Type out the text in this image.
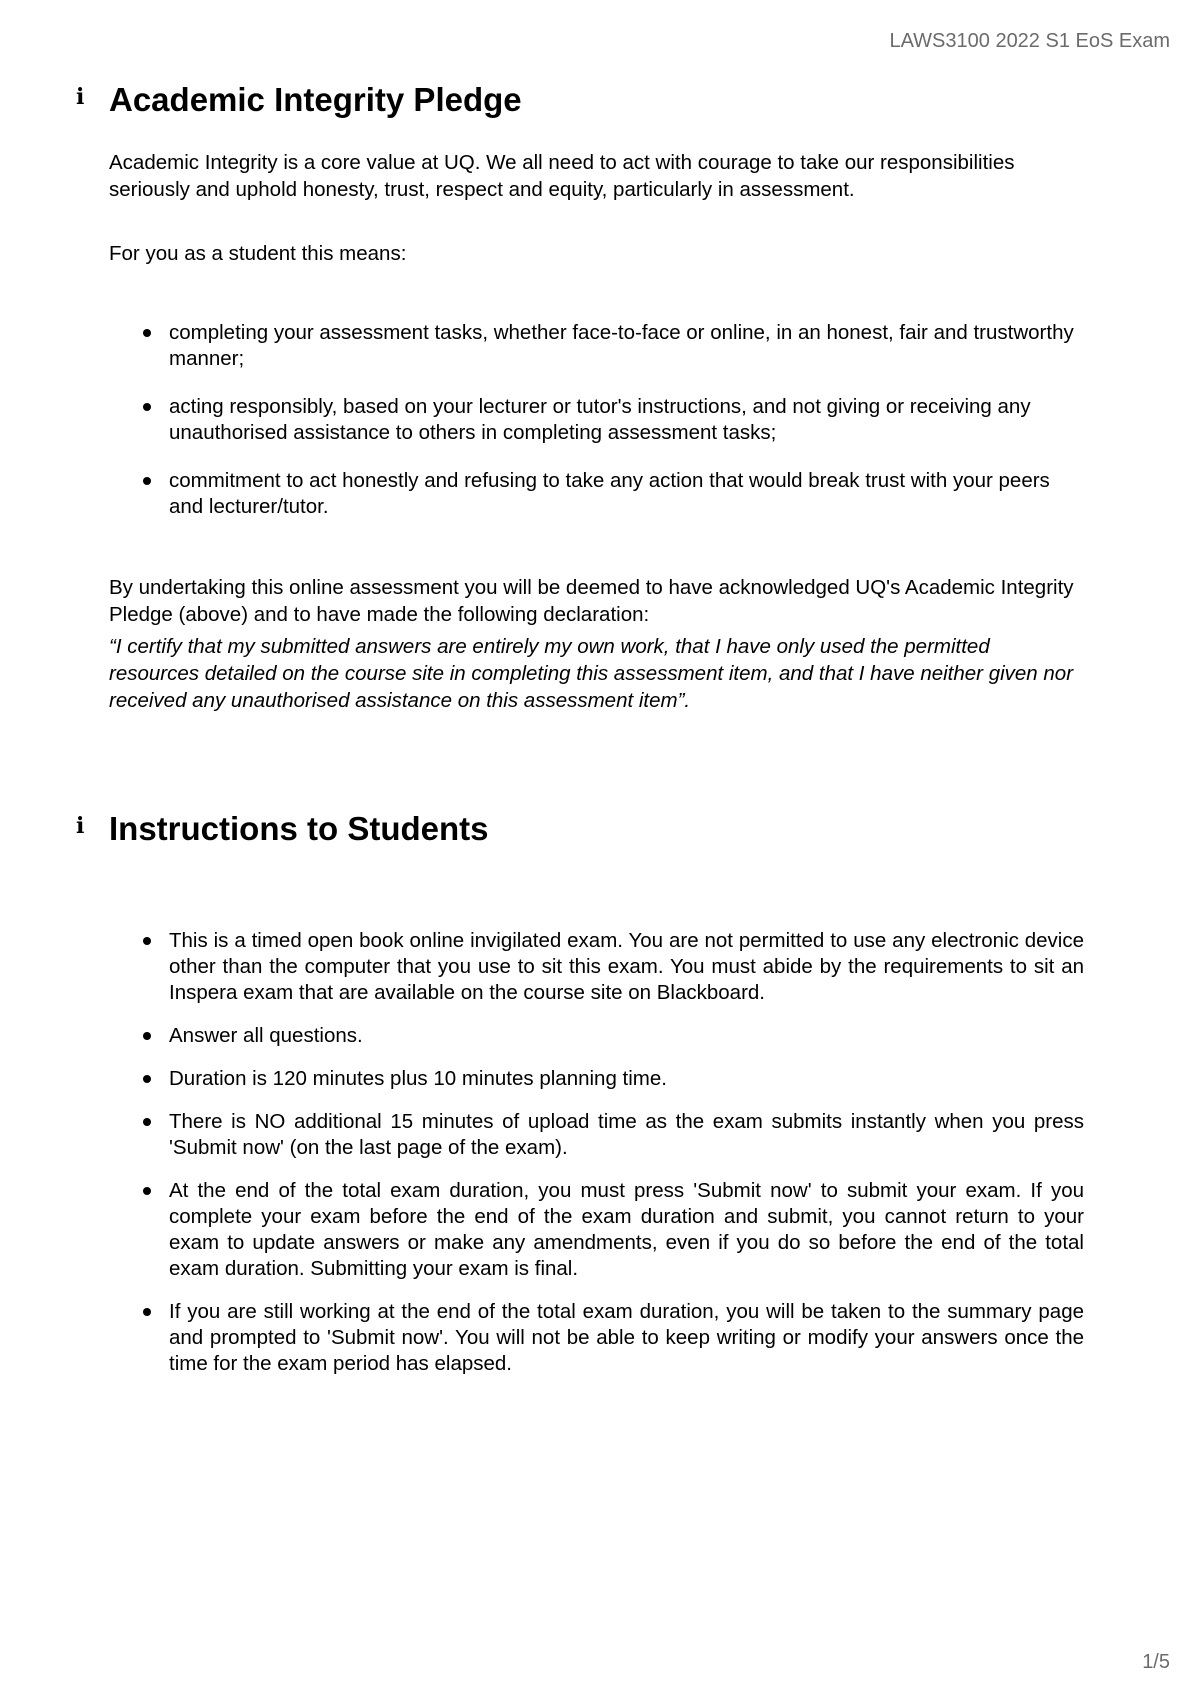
LAWS3100 2022 S1 EoS Exam

i Academic Integrity Pledge

Academic Integrity is a core value at UQ. We all need to act with courage to take our responsibilities seriously and uphold honesty, trust, respect and equity, particularly in assessment.

For you as a student this means:

completing your assessment tasks, whether face-to-face or online, in an honest, fair and trustworthy manner;
acting responsibly, based on your lecturer or tutor's instructions, and not giving or receiving any unauthorised assistance to others in completing assessment tasks;
commitment to act honestly and refusing to take any action that would break trust with your peers and lecturer/tutor.

By undertaking this online assessment you will be deemed to have acknowledged UQ's Academic Integrity Pledge (above) and to have made the following declaration:

“I certify that my submitted answers are entirely my own work, that I have only used the permitted resources detailed on the course site in completing this assessment item, and that I have neither given nor received any unauthorised assistance on this assessment item”.

i Instructions to Students
This is a timed open book online invigilated exam. You are not permitted to use any electronic device other than the computer that you use to sit this exam. You must abide by the requirements to sit an Inspera exam that are available on the course site on Blackboard.
Answer all questions.
Duration is 120 minutes plus 10 minutes planning time.
There is NO additional 15 minutes of upload time as the exam submits instantly when you press 'Submit now' (on the last page of the exam).
At the end of the total exam duration, you must press 'Submit now' to submit your exam. If you complete your exam before the end of the exam duration and submit, you cannot return to your exam to update answers or make any amendments, even if you do so before the end of the total exam duration. Submitting your exam is final.
If you are still working at the end of the total exam duration, you will be taken to the summary page and prompted to 'Submit now'. You will not be able to keep writing or modify your answers once the time for the exam period has elapsed.

1/5
